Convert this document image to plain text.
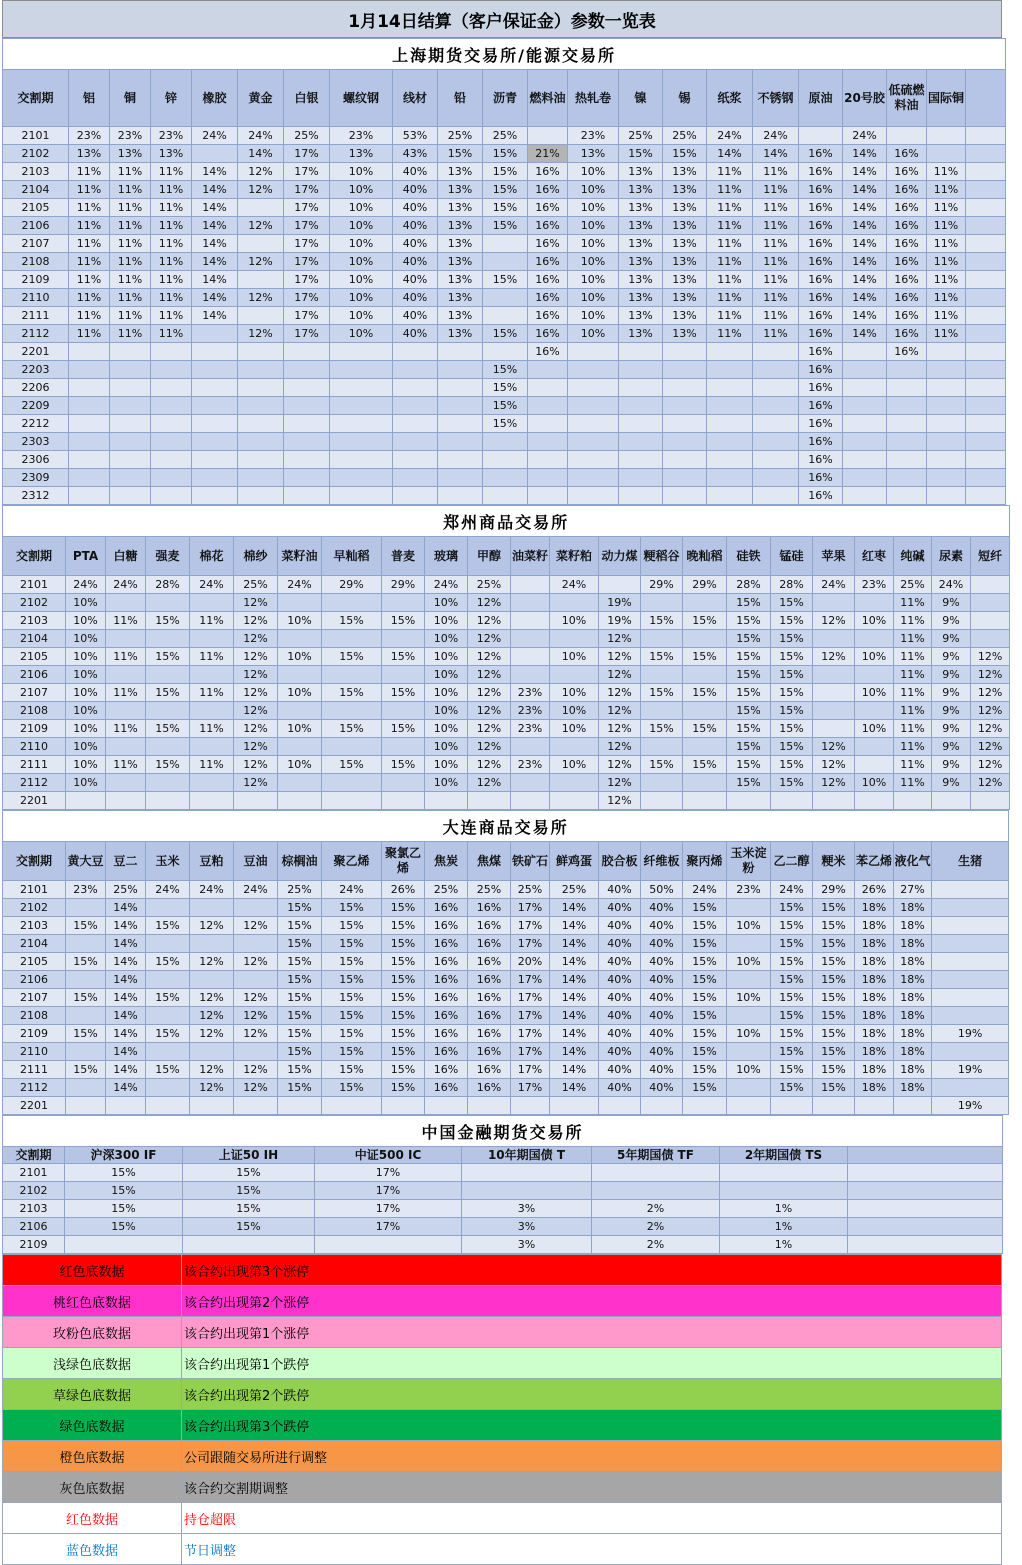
1月14日结算（客户保证金）参数一览表
上海期货交易所/能源交易所																					
交割期	铝	铜	锌	橡胶	黄金	白银	螺纹钢	线材	铅	沥青	燃料油	热轧卷	镍	锡	纸浆	不锈钢	原油	20号胶	低硫燃料油	国际铜	
2101	23%	23%	23%	24%	24%	25%	23%	53%	25%	25%		23%	25%	25%	24%	24%		24%			
2102	13%	13%	13%		14%	17%	13%	43%	15%	15%	21%	13%	15%	15%	14%	14%	16%	14%	16%		
2103	11%	11%	11%	14%	12%	17%	10%	40%	13%	15%	16%	10%	13%	13%	11%	11%	16%	14%	16%	11%	
2104	11%	11%	11%	14%	12%	17%	10%	40%	13%	15%	16%	10%	13%	13%	11%	11%	16%	14%	16%	11%	
2105	11%	11%	11%	14%		17%	10%	40%	13%	15%	16%	10%	13%	13%	11%	11%	16%	14%	16%	11%	
2106	11%	11%	11%	14%	12%	17%	10%	40%	13%	15%	16%	10%	13%	13%	11%	11%	16%	14%	16%	11%	
2107	11%	11%	11%	14%		17%	10%	40%	13%		16%	10%	13%	13%	11%	11%	16%	14%	16%	11%	
2108	11%	11%	11%	14%	12%	17%	10%	40%	13%		16%	10%	13%	13%	11%	11%	16%	14%	16%	11%	
2109	11%	11%	11%	14%		17%	10%	40%	13%	15%	16%	10%	13%	13%	11%	11%	16%	14%	16%	11%	
2110	11%	11%	11%	14%	12%	17%	10%	40%	13%		16%	10%	13%	13%	11%	11%	16%	14%	16%	11%	
2111	11%	11%	11%	14%		17%	10%	40%	13%		16%	10%	13%	13%	11%	11%	16%	14%	16%	11%	
2112	11%	11%	11%		12%	17%	10%	40%	13%	15%	16%	10%	13%	13%	11%	11%	16%	14%	16%	11%	
2201											16%						16%		16%		
2203										15%							16%				
2206										15%							16%				
2209										15%							16%				
2212										15%							16%				
2303																	16%				
2306																	16%				
2309																	16%				
2312																	16%				
郑州商品交易所																						
交割期	PTA	白糖	强麦	棉花	棉纱	菜籽油	早籼稻	普麦	玻璃	甲醇	油菜籽	菜籽粕	动力煤	粳稻谷	晚籼稻	硅铁	锰硅	苹果	红枣	纯碱	尿素	短纤
2101	24%	24%	28%	24%	25%	24%	29%	29%	24%	25%		24%		29%	29%	28%	28%	24%	23%	25%	24%	
2102	10%				12%				10%	12%			19%			15%	15%			11%	9%	
2103	10%	11%	15%	11%	12%	10%	15%	15%	10%	12%		10%	19%	15%	15%	15%	15%	12%	10%	11%	9%	
2104	10%				12%				10%	12%			12%			15%	15%			11%	9%	
2105	10%	11%	15%	11%	12%	10%	15%	15%	10%	12%		10%	12%	15%	15%	15%	15%	12%	10%	11%	9%	12%
2106	10%				12%				10%	12%			12%			15%	15%			11%	9%	12%
2107	10%	11%	15%	11%	12%	10%	15%	15%	10%	12%	23%	10%	12%	15%	15%	15%	15%		10%	11%	9%	12%
2108	10%				12%				10%	12%	23%	10%	12%			15%	15%			11%	9%	12%
2109	10%	11%	15%	11%	12%	10%	15%	15%	10%	12%	23%	10%	12%	15%	15%	15%	15%		10%	11%	9%	12%
2110	10%				12%				10%	12%			12%			15%	15%	12%		11%	9%	12%
2111	10%	11%	15%	11%	12%	10%	15%	15%	10%	12%	23%	10%	12%	15%	15%	15%	15%	12%		11%	9%	12%
2112	10%				12%				10%	12%			12%			15%	15%	12%	10%	11%	9%	12%
2201													12%									
大连商品交易所																					
交割期	黄大豆	豆二	玉米	豆粕	豆油	棕榈油	聚乙烯	聚氯乙烯	焦炭	焦煤	铁矿石	鲜鸡蛋	胶合板	纤维板	聚丙烯	玉米淀粉	乙二醇	粳米	苯乙烯	液化气	生猪
2101	23%	25%	24%	24%	24%	25%	24%	26%	25%	25%	25%	25%	40%	50%	24%	23%	24%	29%	26%	27%	
2102		14%				15%	15%	15%	16%	16%	17%	14%	40%	40%	15%		15%	15%	18%	18%	
2103	15%	14%	15%	12%	12%	15%	15%	15%	16%	16%	17%	14%	40%	40%	15%	10%	15%	15%	18%	18%	
2104		14%				15%	15%	15%	16%	16%	17%	14%	40%	40%	15%		15%	15%	18%	18%	
2105	15%	14%	15%	12%	12%	15%	15%	15%	16%	16%	20%	14%	40%	40%	15%	10%	15%	15%	18%	18%	
2106		14%				15%	15%	15%	16%	16%	17%	14%	40%	40%	15%		15%	15%	18%	18%	
2107	15%	14%	15%	12%	12%	15%	15%	15%	16%	16%	17%	14%	40%	40%	15%	10%	15%	15%	18%	18%	
2108		14%		12%	12%	15%	15%	15%	16%	16%	17%	14%	40%	40%	15%		15%	15%	18%	18%	
2109	15%	14%	15%	12%	12%	15%	15%	15%	16%	16%	17%	14%	40%	40%	15%	10%	15%	15%	18%	18%	19%
2110		14%				15%	15%	15%	16%	16%	17%	14%	40%	40%	15%		15%	15%	18%	18%	
2111	15%	14%	15%	12%	12%	15%	15%	15%	16%	16%	17%	14%	40%	40%	15%	10%	15%	15%	18%	18%	19%
2112		14%		12%	12%	15%	15%	15%	16%	16%	17%	14%	40%	40%	15%		15%	15%	18%	18%	
2201																					19%
中国金融期货交易所							
交割期	沪深300 IF	上证50 IH	中证500 IC	10年期国债 T	5年期国债 TF	2年期国债 TS	
2101	15%	15%	17%				
2102	15%	15%	17%				
2103	15%	15%	17%	3%	2%	1%	
2106	15%	15%	17%	3%	2%	1%	
2109				3%	2%	1%	
红色底数据	该合约出现第3个涨停
桃红色底数据	该合约出现第2个涨停
玫粉色底数据	该合约出现第1个涨停
浅绿色底数据	该合约出现第1个跌停
草绿色底数据	该合约出现第2个跌停
绿色底数据	该合约出现第3个跌停
橙色底数据	公司跟随交易所进行调整
灰色底数据	该合约交割期调整
红色数据	持仓超限
蓝色数据	节日调整
